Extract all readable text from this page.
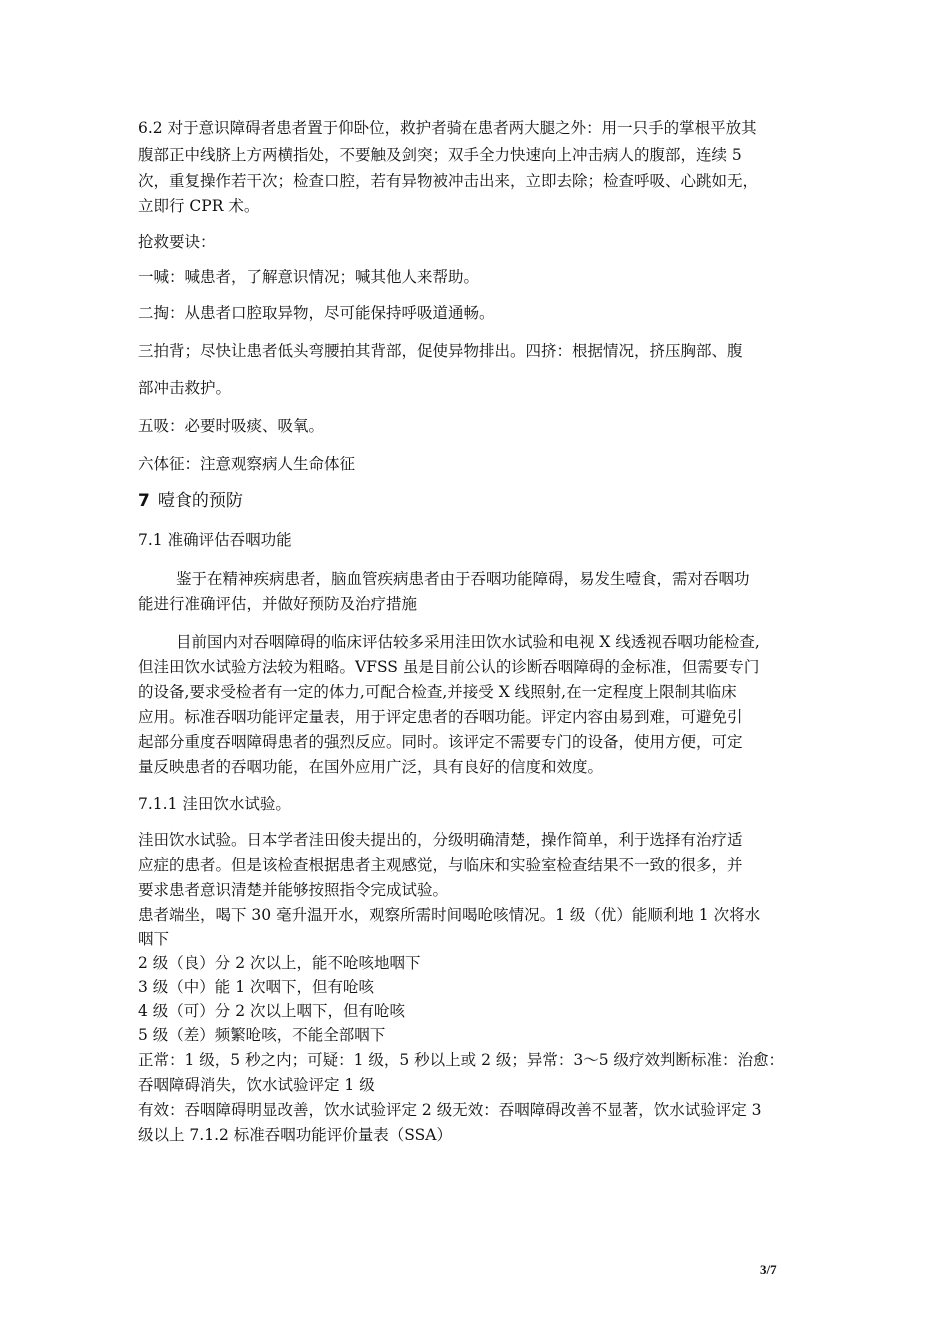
6.2 对于意识障碍者患者置于仰卧位，救护者骑在患者两大腿之外：用一只手的掌根平放其
腹部正中线脐上方两横指处，不要触及剑突；双手全力快速向上冲击病人的腹部，连续 5
次，重复操作若干次；检查口腔，若有异物被冲击出来，立即去除；检查呼吸、心跳如无，
立即行 CPR 术。
抢救要诀：
一喊：喊患者，了解意识情况；喊其他人来帮助。
二掏：从患者口腔取异物，尽可能保持呼吸道通畅。
三拍背；尽快让患者低头弯腰拍其背部，促使异物排出。四挤：根据情况，挤压胸部、腹
部冲击救护。
五吸：必要时吸痰、吸氧。
六体征：注意观察病人生命体征
7 噎食的预防
7.1 准确评估吞咽功能
鉴于在精神疾病患者，脑血管疾病患者由于吞咽功能障碍，易发生噎食，需对吞咽功
能进行准确评估，并做好预防及治疗措施
目前国内对吞咽障碍的临床评估较多采用洼田饮水试验和电视 X 线透视吞咽功能检查,
但洼田饮水试验方法较为粗略。VFSS 虽是目前公认的诊断吞咽障碍的金标准，但需要专门
的设备,要求受检者有一定的体力,可配合检查,并接受 X 线照射,在一定程度上限制其临床
应用。标准吞咽功能评定量表，用于评定患者的吞咽功能。评定内容由易到难，可避免引
起部分重度吞咽障碍患者的强烈反应。同时。该评定不需要专门的设备，使用方便，可定
量反映患者的吞咽功能，在国外应用广泛，具有良好的信度和效度。
7.1.1 洼田饮水试验。
洼田饮水试验。日本学者洼田俊夫提出的，分级明确清楚，操作简单，利于选择有治疗适
应症的患者。但是该检查根据患者主观感觉，与临床和实验室检查结果不一致的很多，并
要求患者意识清楚并能够按照指令完成试验。
患者端坐，喝下 30 毫升温开水，观察所需时间喝呛咳情况。1 级（优）能顺利地 1 次将水
咽下
2 级（良）分 2 次以上，能不呛咳地咽下
3 级（中）能 1 次咽下，但有呛咳
4 级（可）分 2 次以上咽下，但有呛咳
5 级（差）频繁呛咳，不能全部咽下
正常：1 级，5 秒之内；可疑：1 级，5 秒以上或 2 级；异常：3～5 级疗效判断标准：治愈：
吞咽障碍消失，饮水试验评定 1 级
有效：吞咽障碍明显改善，饮水试验评定 2 级无效：吞咽障碍改善不显著，饮水试验评定 3
级以上 7.1.2 标准吞咽功能评价量表（SSA）
3/7
